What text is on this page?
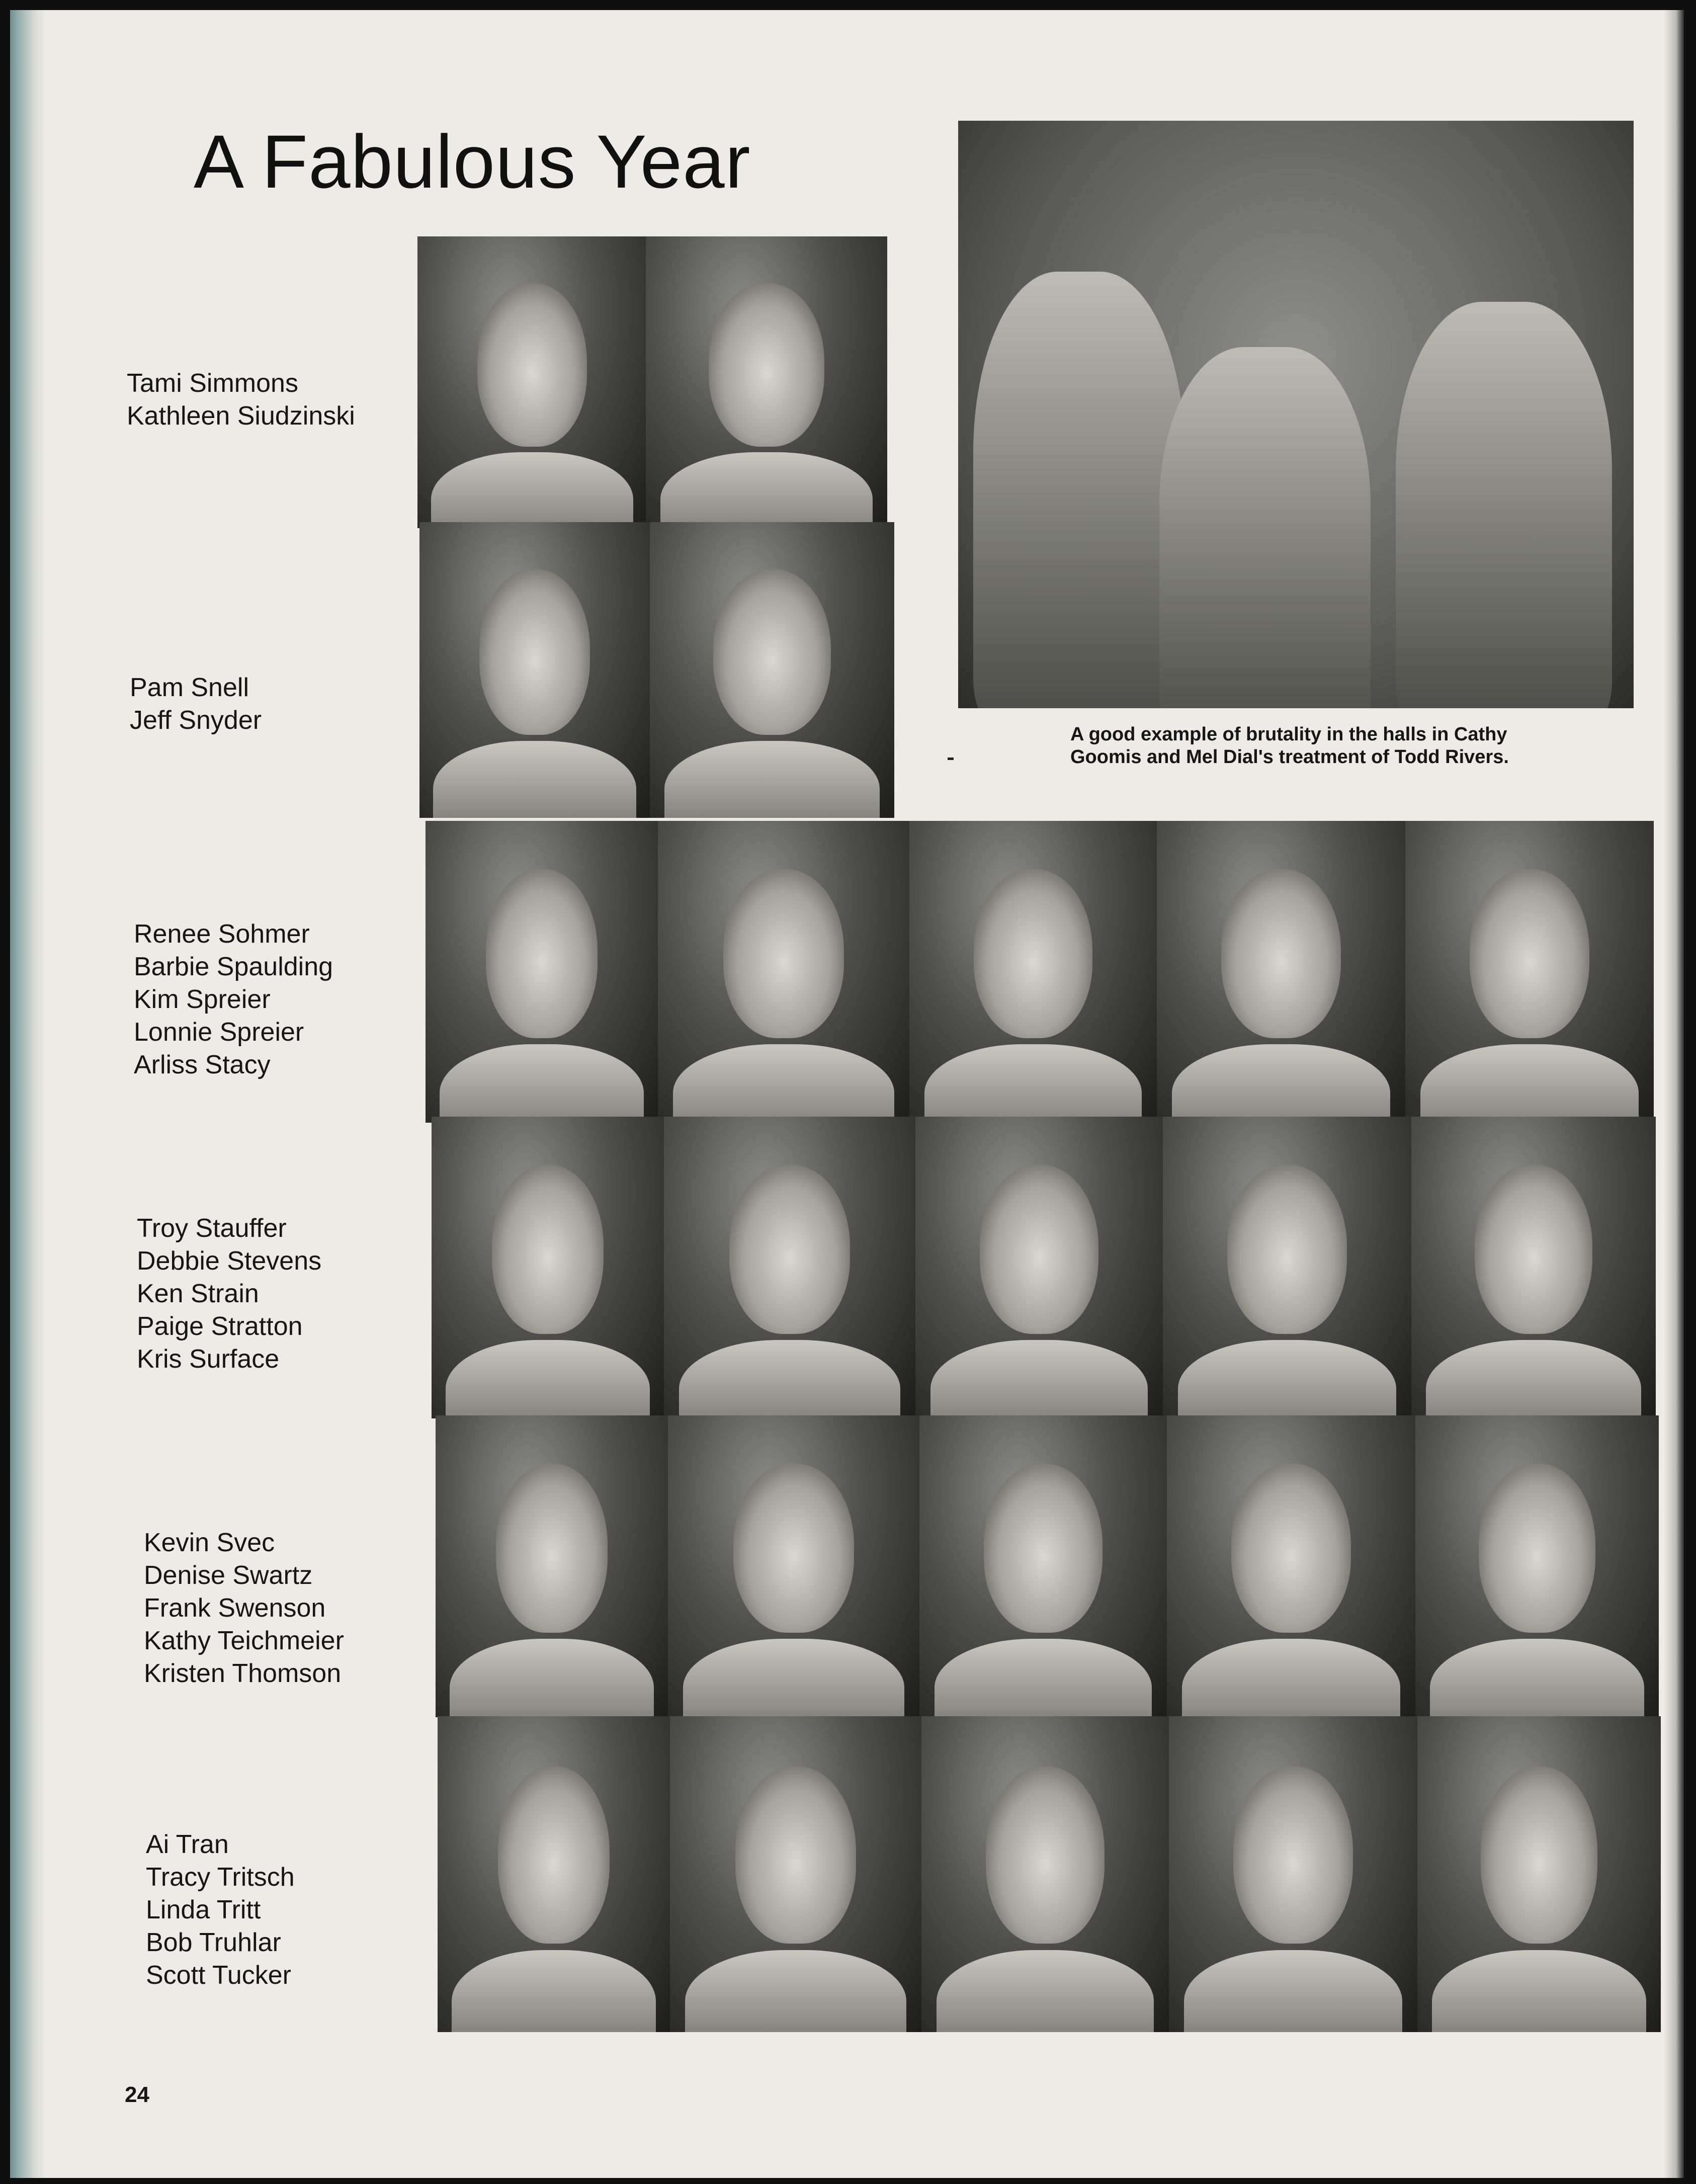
A Fabulous Year
Tami Simmons
Kathleen Siudzinski
Pam Snell
Jeff Snyder
Renee Sohmer
Barbie Spaulding
Kim Spreier
Lonnie Spreier
Arliss Stacy
Troy Stauffer
Debbie Stevens
Ken Strain
Paige Stratton
Kris Surface
Kevin Svec
Denise Swartz
Frank Swenson
Kathy Teichmeier
Kristen Thomson
Ai Tran
Tracy Tritsch
Linda Tritt
Bob Truhlar
Scott Tucker
A good example of brutality in the halls in Cathy Goomis and Mel Dial's treatment of Todd Rivers.
24
